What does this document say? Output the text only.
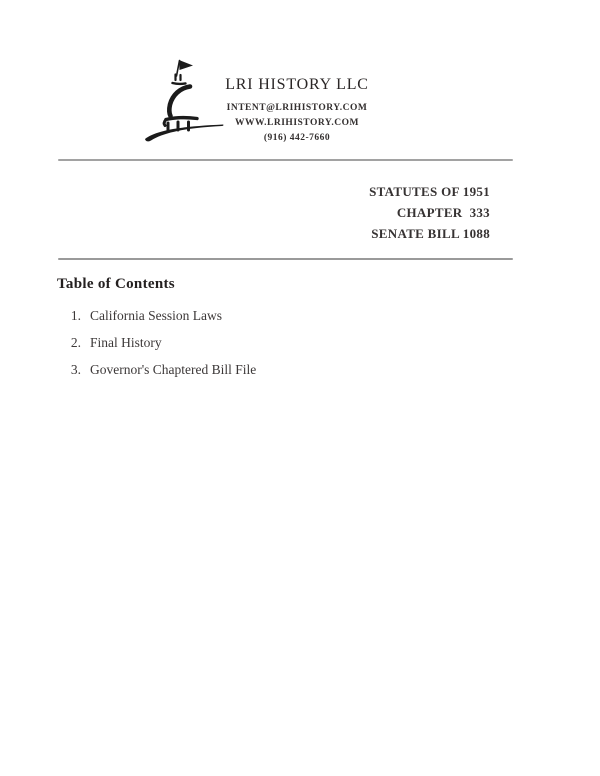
LRI HISTORY LLC
INTENT@LRIHISTORY.COM
WWW.LRIHISTORY.COM
(916) 442-7660
STATUTES OF 1951
CHAPTER  333
SENATE BILL 1088
Table of Contents
1. California Session Laws
2. Final History
3. Governor's Chaptered Bill File
